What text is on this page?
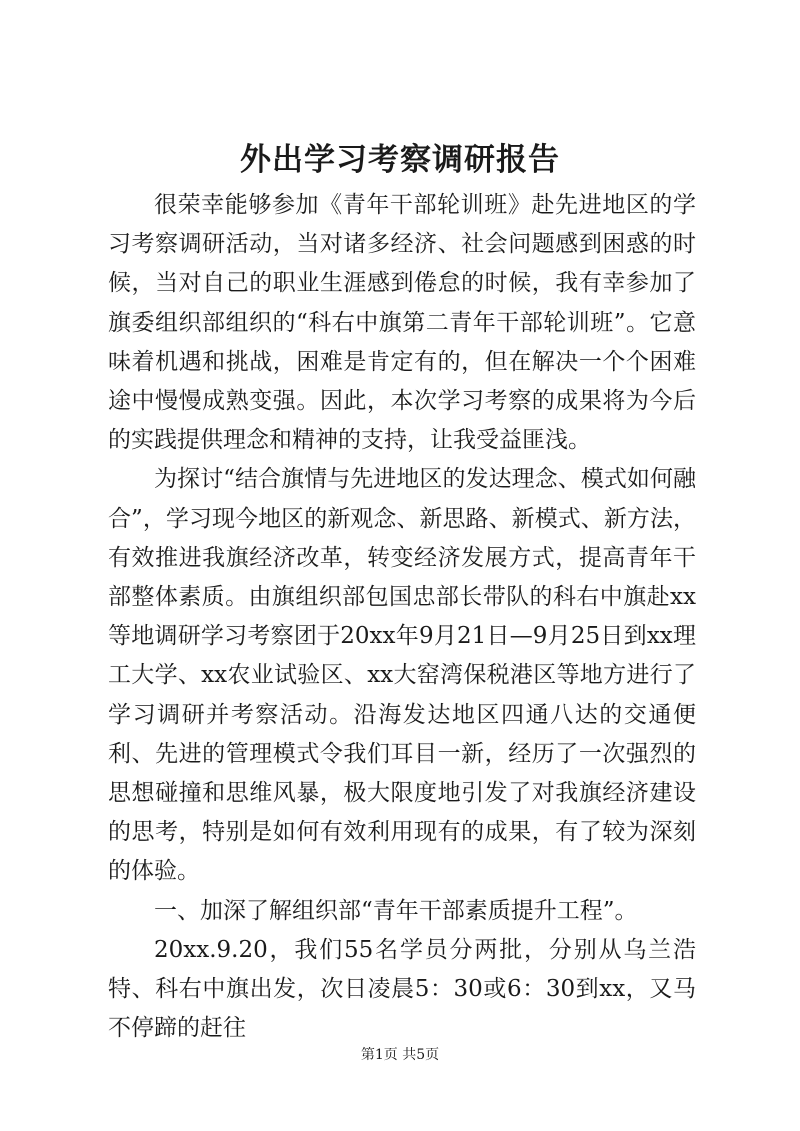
外出学习考察调研报告

很荣幸能够参加《青年干部轮训班》赴先进地区的学习考察调研活动，当对诸多经济、社会问题感到困惑的时候，当对自己的职业生涯感到倦怠的时候，我有幸参加了旗委组织部组织的“科右中旗第二青年干部轮训班”。它意味着机遇和挑战，困难是肯定有的，但在解决一个个困难途中慢慢成熟变强。因此，本次学习考察的成果将为今后的实践提供理念和精神的支持，让我受益匪浅。

为探讨“结合旗情与先进地区的发达理念、模式如何融合”，学习现今地区的新观念、新思路、新模式、新方法，有效推进我旗经济改革，转变经济发展方式，提高青年干部整体素质。由旗组织部包国忠部长带队的科右中旗赴xx等地调研学习考察团于20xx年9月21日—9月25日到xx理工大学、xx农业试验区、xx大窑湾保税港区等地方进行了学习调研并考察活动。沿海发达地区四通八达的交通便利、先进的管理模式令我们耳目一新，经历了一次强烈的思想碰撞和思维风暴，极大限度地引发了对我旗经济建设的思考，特别是如何有效利用现有的成果，有了较为深刻的体验。

一、加深了解组织部“青年干部素质提升工程”。

20xx.9.20，我们55名学员分两批，分别从乌兰浩特、科右中旗出发，次日凌晨5：30或6：30到xx，又马不停蹄的赶往

第1页 共5页
